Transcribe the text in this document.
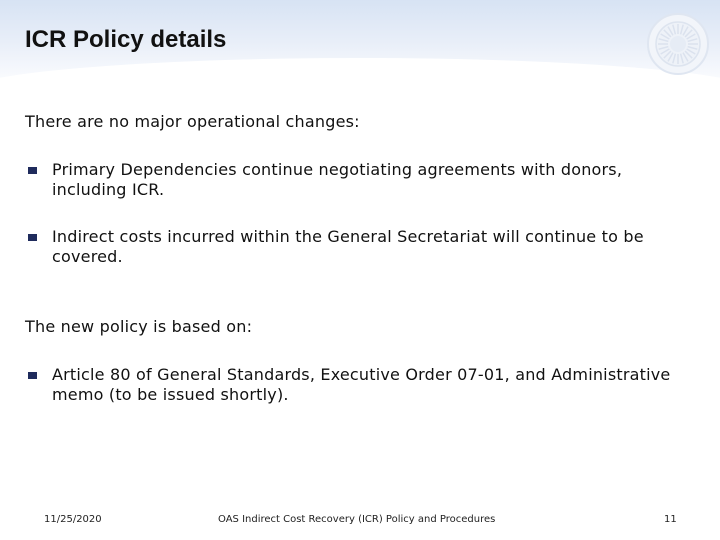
ICR Policy details
There are no major operational changes:
Primary Dependencies continue negotiating agreements with donors, including ICR.
Indirect costs incurred within the General Secretariat will continue to be covered.
The new policy is based on:
Article 80 of General Standards, Executive Order 07-01, and Administrative memo (to be issued shortly).
11/25/2020	OAS Indirect Cost Recovery (ICR) Policy and Procedures	11
